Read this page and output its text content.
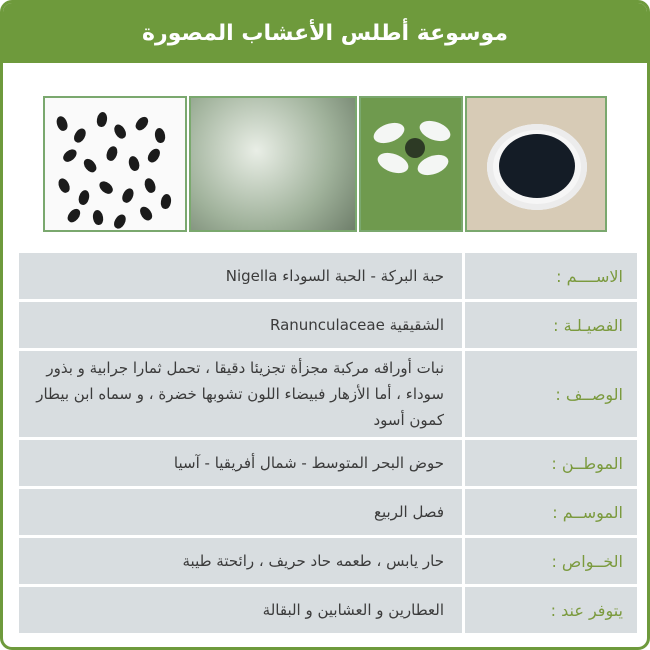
موسوعة أطلس الأعشاب المصورة
الاســــم :
حبة البركة - الحبة السوداء Nigella
الفصيـلـة :
الشقيقية Ranunculaceae
الوصــف :
نبات أوراقه مركبة مجزأة تجزيئا دقيقا ، تحمل ثمارا جرابية و بذور سوداء ، أما الأزهار فبيضاء اللون تشوبها خضرة ، و سماه ابن بيطار كمون أسود
الموطــن :
حوض البحر المتوسط - شمال أفريقيا - آسيا
الموســم :
فصل الربيع
الخــواص :
حار يابس ، طعمه حاد حريف ، رائحتة طيبة
يتوفر عند :
العطارين و العشابين و البقالة
